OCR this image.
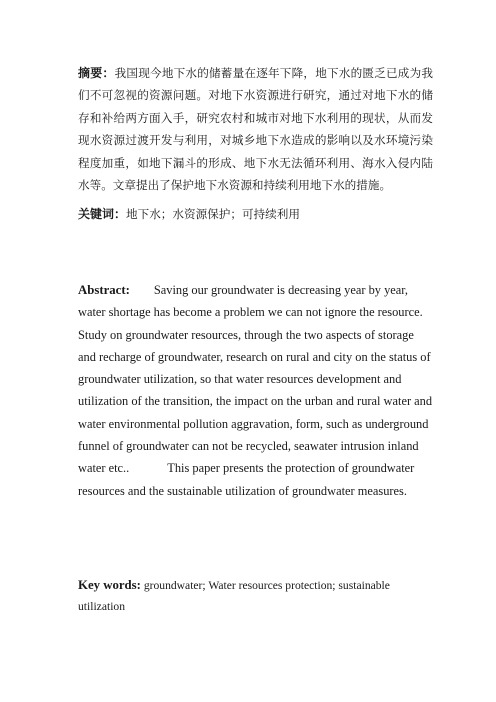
摘要：我国现今地下水的储蓄量在逐年下降，地下水的匮乏已成为我们不可忽视的资源问题。对地下水资源进行研究，通过对地下水的储存和补给两方面入手，研究农村和城市对地下水利用的现状，从而发现水资源过渡开发与利用，对城乡地下水造成的影响以及水环境污染程度加重，如地下漏斗的形成、地下水无法循环利用、海水入侵内陆水等。文章提出了保护地下水资源和持续利用地下水的措施。
关键词：地下水；水资源保护；可持续利用
Abstract: Saving our groundwater is decreasing year by year, water shortage has become a problem we can not ignore the resource. Study on groundwater resources, through the two aspects of storage and recharge of groundwater, research on rural and city on the status of groundwater utilization, so that water resources development and utilization of the transition, the impact on the urban and rural water and water environmental pollution aggravation, form, such as underground funnel of groundwater can not be recycled, seawater intrusion inland water etc..	This paper presents the protection of groundwater resources and the sustainable utilization of groundwater measures.
Key words: groundwater; Water resources protection; sustainable utilization
